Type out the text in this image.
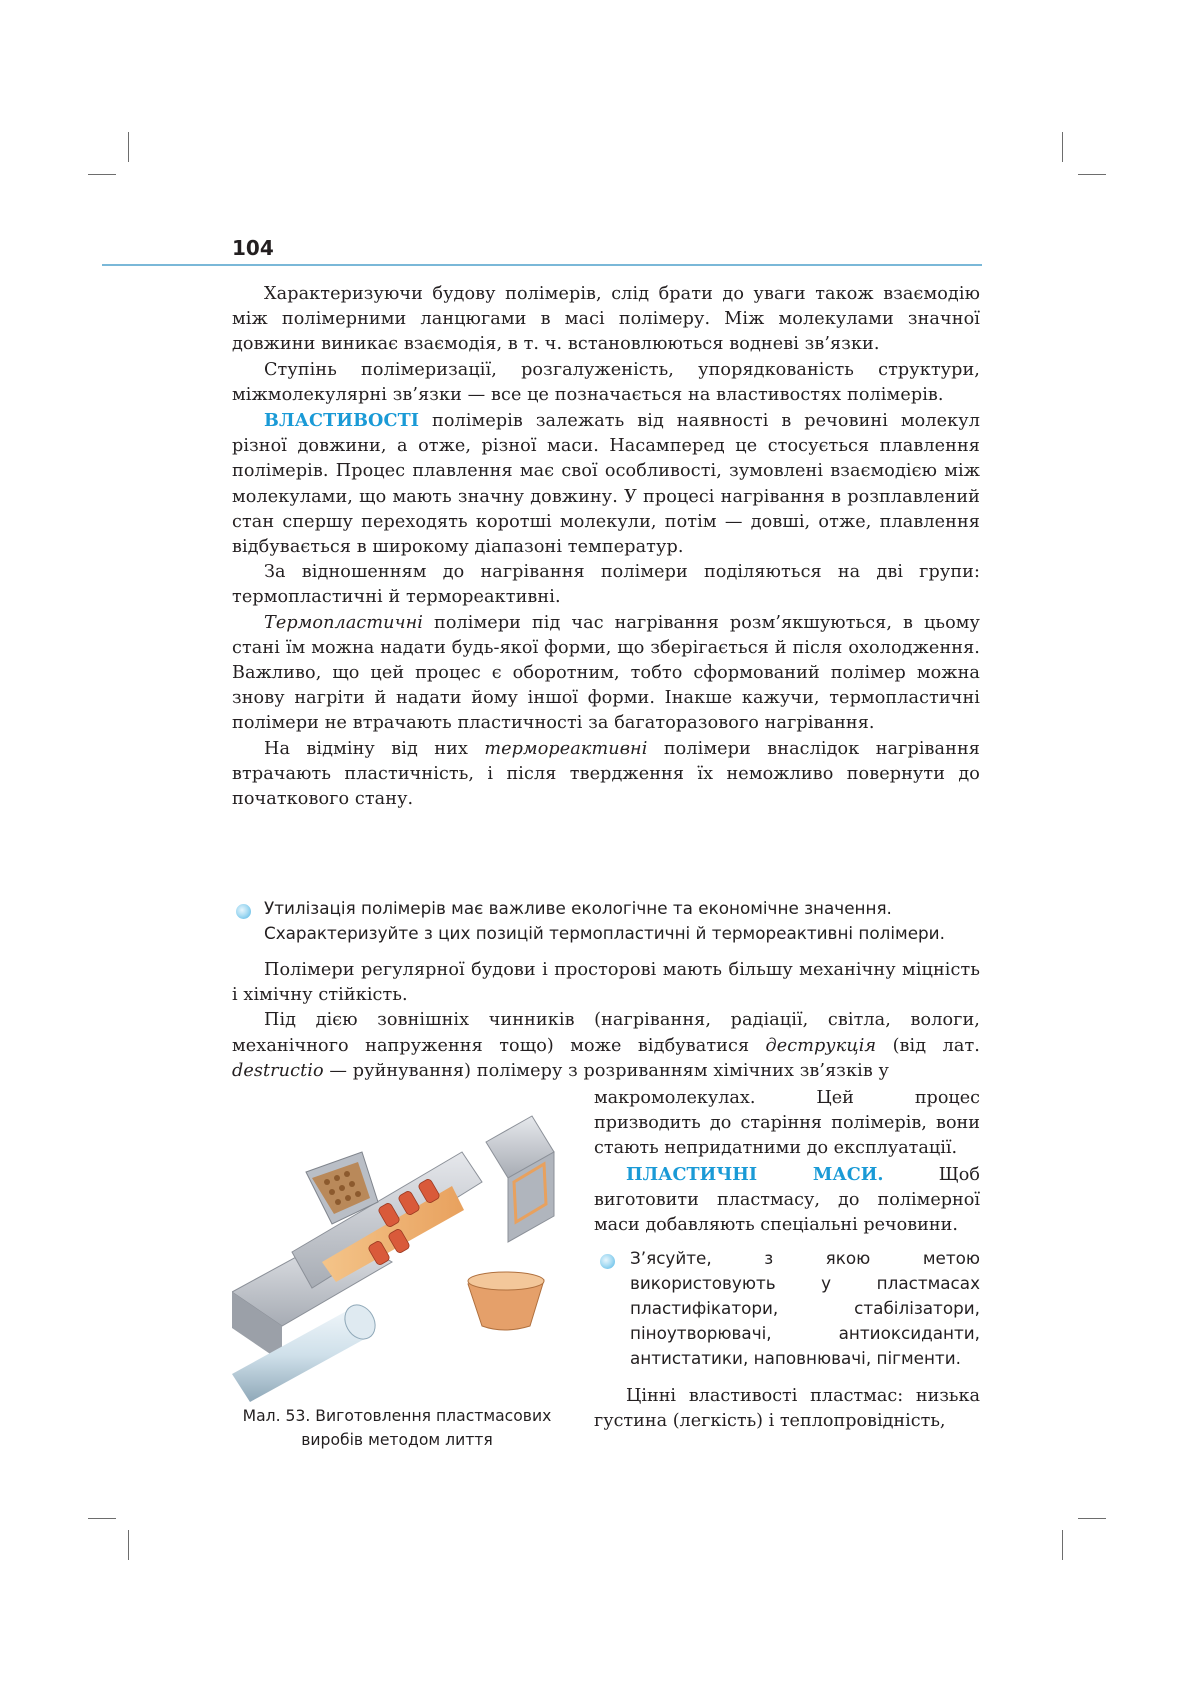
104

Характеризуючи будову полімерів, слід брати до уваги також взаємодію між полімерними ланцюгами в масі полімеру. Між молекулами значної довжини виникає взаємодія, в т. ч. встановлюються водневі зв’язки.

Ступінь полімеризації, розгалуженість, упорядкованість структури, міжмолекулярні зв’язки — все це позначається на властивостях полімерів.

ВЛАСТИВОСТІ полімерів залежать від наявності в речовині молекул різної довжини, а отже, різної маси. Насамперед це стосується плавлення полімерів. Процес плавлення має свої особливості, зумовлені взаємодією між молекулами, що мають значну довжину. У процесі нагрівання в розплавлений стан спершу переходять коротші молекули, потім — довші, отже, плавлення відбувається в широкому діапазоні температур.

За відношенням до нагрівання полімери поділяються на дві групи: термопластичні й термореактивні.

Термопластичні полімери під час нагрівання розм’якшуються, в цьому стані їм можна надати будь-якої форми, що зберігається й після охолодження. Важливо, що цей процес є оборотним, тобто сформований полімер можна знову нагріти й надати йому іншої форми. Інакше кажучи, термопластичні полімери не втрачають пластичності за багаторазового нагрівання.

На відміну від них термореактивні полімери внаслідок нагрівання втрачають пластичність, і після твердження їх неможливо повернути до початкового стану.

Утилізація полімерів має важливе екологічне та економічне значення. Схарактеризуйте з цих позицій термопластичні й термореактивні полімери.

Полімери регулярної будови і просторові мають більшу механічну міцність і хімічну стійкість.

Під дією зовнішніх чинників (нагрівання, радіації, світла, вологи, механічного напруження тощо) може відбуватися деструкція (від лат. destructio — руйнування) полімеру з розриванням хімічних зв’язків у

макромолекулах. Цей процес призводить до старіння полімерів, вони стають непридатними до експлуатації.

ПЛАСТИЧНІ МАСИ. Щоб виготовити пластмасу, до полімерної маси добавляють спеціальні речовини.

З’ясуйте, з якою метою використовують у пластмасах пластифікатори, стабілізатори, піноутворювачі, антиоксиданти, антистатики, наповнювачі, пігменти.

Цінні властивості пластмас: низька густина (легкість) і теплопровідність,

Мал. 53. Виготовлення пластмасових
виробів методом лиття
